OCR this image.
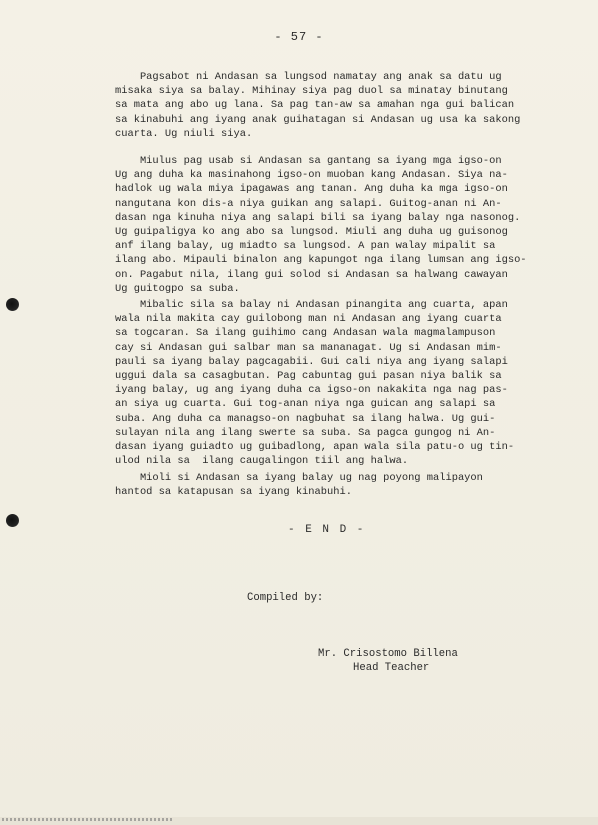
- 57 -

Pagsabot ni Andasan sa lungsod namatay ang anak sa datu ug
misaka siya sa balay. Mihinay siya pag duol sa minatay binutang
sa mata ang abo ug lana. Sa pag tan-aw sa amahan nga gui balican
sa kinabuhi ang iyang anak guihatagan si Andasan ug usa ka sakong
cuarta. Ug niuli siya.

Miulus pag usab si Andasan sa gantang sa iyang mga igso-on
Ug ang duha ka masinahong igso-on muoban kang Andasan. Siya na-
hadlok ug wala miya ipagawas ang tanan. Ang duha ka mga igso-on
nangutana kon dis-a niya guikan ang salapi. Guitog-anan ni An-
dasan nga kinuha niya ang salapi bili sa iyang balay nga nasonog.
Ug guipaligya ko ang abo sa lungsod. Miuli ang duha ug guisonog
anf ilang balay, ug miadto sa lungsod. A pan walay mipalit sa
ilang abo. Mipauli binalon ang kapungot nga ilang lumsan ang igso-
on. Pagabut nila, ilang gui solod si Andasan sa halwang cawayan
Ug guitogpo sa suba.

Mibalic sila sa balay ni Andasan pinangita ang cuarta, apan
wala nila makita cay guilobong man ni Andasan ang iyang cuarta
sa togcaran. Sa ilang guihimo cang Andasan wala magmalampuson
cay si Andasan gui salbar man sa mananagat. Ug si Andasan mim-
pauli sa iyang balay pagcagabii. Gui cali niya ang iyang salapi
uggui dala sa casagbutan. Pag cabuntag gui pasan niya balik sa
iyang balay, ug ang iyang duha ca igso-on nakakita nga nag pas-
an siya ug cuarta. Gui tog-anan niya nga guican ang salapi sa
suba. Ang duha ca managso-on nagbuhat sa ilang halwa. Ug gui-
sulayan nila ang ilang swerte sa suba. Sa pagca gungog ni An-
dasan iyang guiadto ug guibadlong, apan wala sila patu-o ug tin-
ulod nila sa  ilang caugalingon tiil ang halwa.

Mioli si Andasan sa iyang balay ug nag poyong malipayon
hantod sa katapusan sa iyang kinabuhi.

- E N D -
Compiled by:
Mr. Crisostomo Billena
Head Teacher
